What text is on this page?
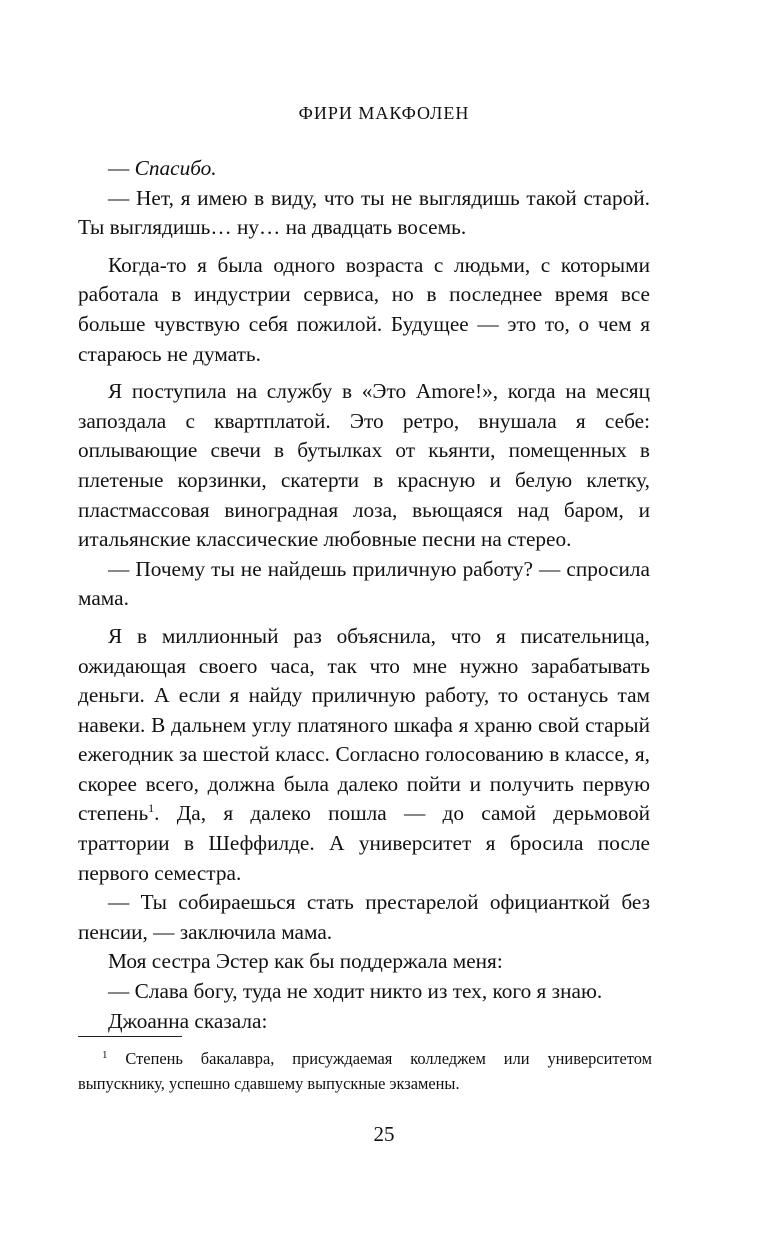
ФИРИ МАКФОЛЕН

— Спасибо.

— Нет, я имею в виду, что ты не выглядишь такой старой. Ты выглядишь… ну… на двадцать восемь.

Когда-то я была одного возраста с людьми, с которыми работала в индустрии сервиса, но в последнее время все больше чувствую себя пожилой. Будущее — это то, о чем я стараюсь не думать.

Я поступила на службу в «Это Amore!», когда на месяц запоздала с квартплатой. Это ретро, внушала я себе: оплывающие свечи в бутылках от кьянти, помещенных в плетеные корзинки, скатерти в красную и белую клетку, пластмассовая виноградная лоза, вьющаяся над баром, и итальянские классические любовные песни на стерео.

— Почему ты не найдешь приличную работу? — спросила мама.

Я в миллионный раз объяснила, что я писательница, ожидающая своего часа, так что мне нужно зарабатывать деньги. А если я найду приличную работу, то останусь там навеки. В дальнем углу платяного шкафа я храню свой старый ежегодник за шестой класс. Согласно голосованию в классе, я, скорее всего, должна была далеко пойти и получить первую степень$^1$. Да, я далеко пошла — до самой дерьмовой траттории в Шеффилде. А университет я бросила после первого семестра.

— Ты собираешься стать престарелой официанткой без пенсии, — заключила мама.

Моя сестра Эстер как бы поддержала меня:

— Слава богу, туда не ходит никто из тех, кого я знаю.

Джоанна сказала:

$^1$ Степень бакалавра, присуждаемая колледжем или университетом выпускнику, успешно сдавшему выпускные экзамены.

25
